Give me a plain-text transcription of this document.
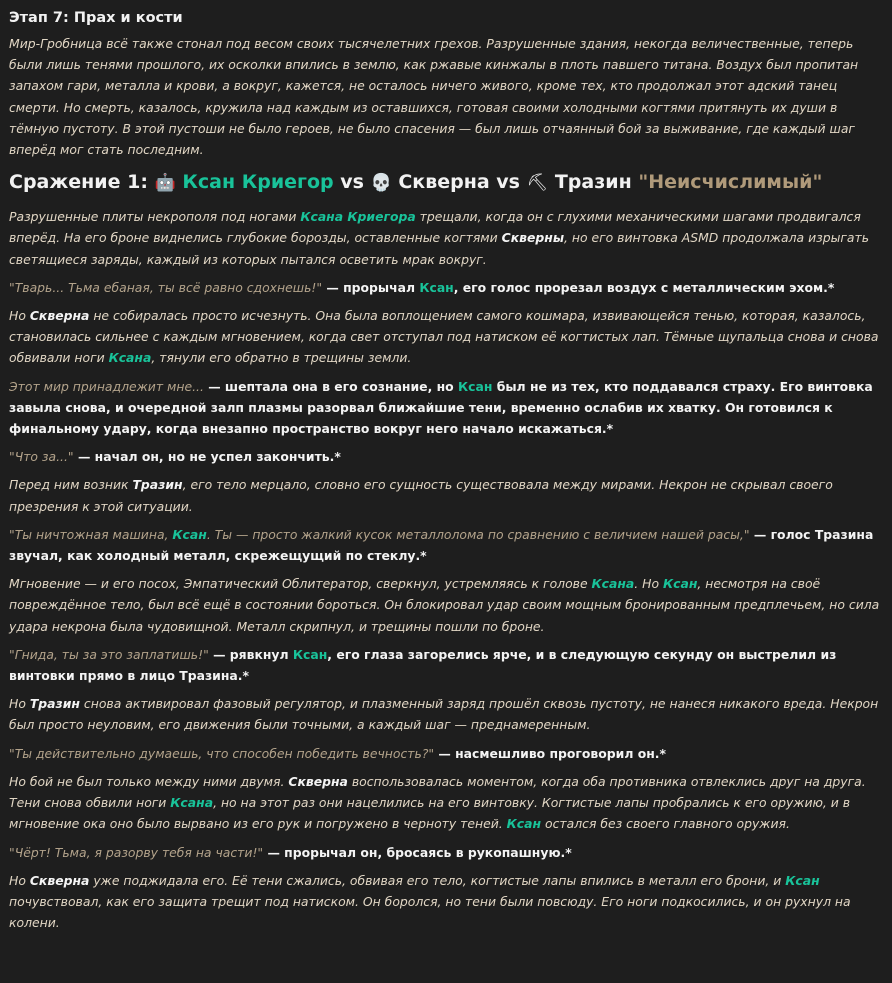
Этап 7: Прах и кости

Мир-Гробница всё также стонал под весом своих тысячелетних грехов. Разрушенные здания, некогда величественные, теперь были лишь тенями прошлого, их осколки впились в землю, как ржавые кинжалы в плоть павшего титана. Воздух был пропитан запахом гари, металла и крови, а вокруг, кажется, не осталось ничего живого, кроме тех, кто продолжал этот адский танец смерти. Но смерть, казалось, кружила над каждым из оставшихся, готовая своими холодными когтями притянуть их души в тёмную пустоту. В этой пустоши не было героев, не было спасения — был лишь отчаянный бой за выживание, где каждый шаг вперёд мог стать последним.

Сражение 1: 🤖 Ксан Криегор vs 💀 Скверна vs ⛏ Тразин "Неисчислимый"

Разрушенные плиты некрополя под ногами Ксана Криегора трещали, когда он с глухими механическими шагами продвигался вперёд. На его броне виднелись глубокие борозды, оставленные когтями Скверны, но его винтовка ASMD продолжала изрыгать светящиеся заряды, каждый из которых пытался осветить мрак вокруг.

"Тварь... Тьма ебаная, ты всё равно сдохнешь!" — прорычал Ксан, его голос прорезал воздух с металлическим эхом.*

Но Скверна не собиралась просто исчезнуть. Она была воплощением самого кошмара, извивающейся тенью, которая, казалось, становилась сильнее с каждым мгновением, когда свет отступал под натиском её когтистых лап. Тёмные щупальца снова и снова обвивали ноги Ксана, тянули его обратно в трещины земли.

Этот мир принадлежит мне... — шептала она в его сознание, но Ксан был не из тех, кто поддавался страху. Его винтовка завыла снова, и очередной залп плазмы разорвал ближайшие тени, временно ослабив их хватку. Он готовился к финальному удару, когда внезапно пространство вокруг него начало искажаться.*

"Что за..." — начал он, но не успел закончить.*

Перед ним возник Тразин, его тело мерцало, словно его сущность существовала между мирами. Некрон не скрывал своего презрения к этой ситуации.

"Ты ничтожная машина, Ксан. Ты — просто жалкий кусок металлолома по сравнению с величием нашей расы," — голос Тразина звучал, как холодный металл, скрежещущий по стеклу.*

Мгновение — и его посох, Эмпатический Облитератор, сверкнул, устремляясь к голове Ксана. Но Ксан, несмотря на своё повреждённое тело, был всё ещё в состоянии бороться. Он блокировал удар своим мощным бронированным предплечьем, но сила удара некрона была чудовищной. Металл скрипнул, и трещины пошли по броне.

"Гнида, ты за это заплатишь!" — рявкнул Ксан, его глаза загорелись ярче, и в следующую секунду он выстрелил из винтовки прямо в лицо Тразина.*

Но Тразин снова активировал фазовый регулятор, и плазменный заряд прошёл сквозь пустоту, не нанеся никакого вреда. Некрон был просто неуловим, его движения были точными, а каждый шаг — преднамеренным.

"Ты действительно думаешь, что способен победить вечность?" — насмешливо проговорил он.*

Но бой не был только между ними двумя. Скверна воспользовалась моментом, когда оба противника отвлеклись друг на друга. Тени снова обвили ноги Ксана, но на этот раз они нацелились на его винтовку. Когтистые лапы пробрались к его оружию, и в мгновение ока оно было вырвано из его рук и погружено в черноту теней. Ксан остался без своего главного оружия.

"Чёрт! Тьма, я разорву тебя на части!" — прорычал он, бросаясь в рукопашную.*

Но Скверна уже поджидала его. Её тени сжались, обвивая его тело, когтистые лапы впились в металл его брони, и Ксан почувствовал, как его защита трещит под натиском. Он боролся, но тени были повсюду. Его ноги подкосились, и он рухнул на колени.
